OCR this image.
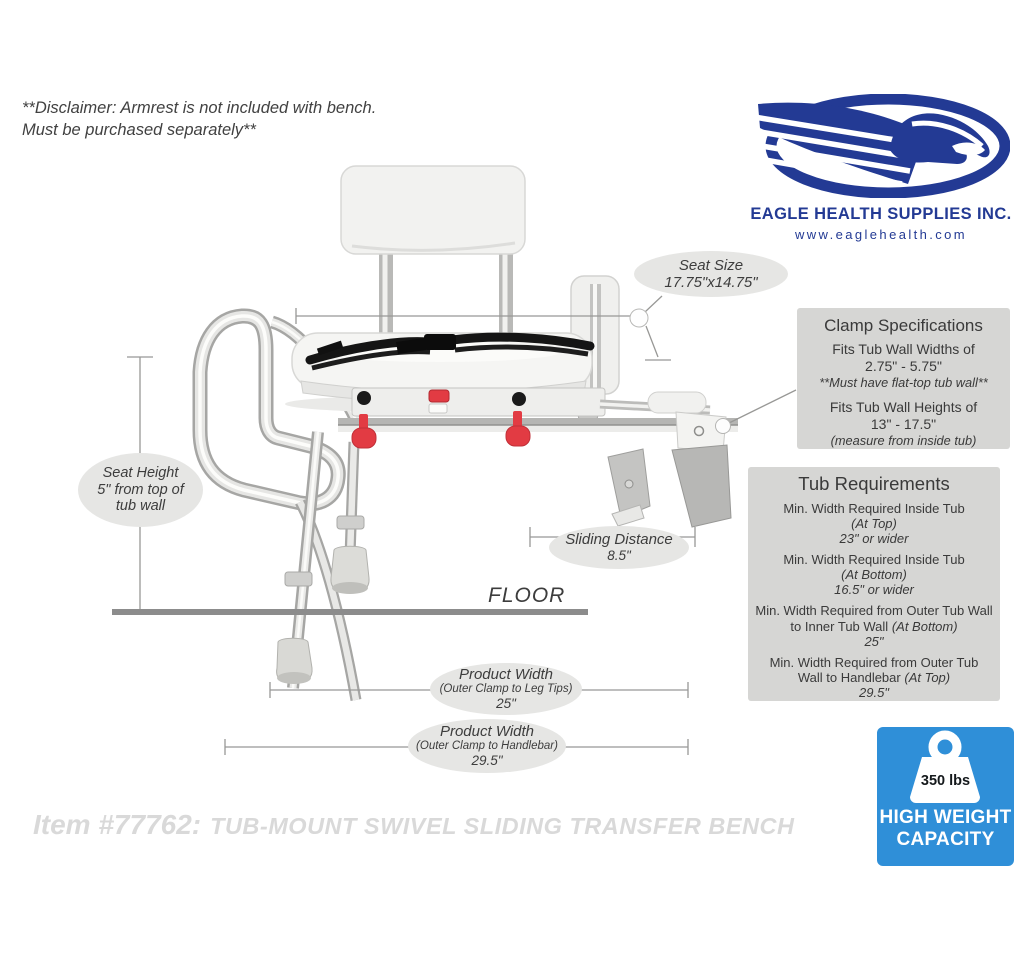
**Disclaimer: Armrest is not included with bench.
Must be purchased separately**
EAGLE HEALTH SUPPLIES INC.
www.eaglehealth.com
Seat Size
17.75"x14.75"
Seat Height
5" from top of
tub wall
Sliding Distance
8.5"
Product Width
(Outer Clamp to Leg Tips)
25"
Product Width
(Outer Clamp to Handlebar)
29.5"
FLOOR
Clamp Specifications
Fits Tub Wall Widths of
2.75" - 5.75"
**Must have flat-top tub wall**
Fits Tub Wall Heights of
13" - 17.5"
(measure from inside tub)
Tub Requirements
Min. Width Required Inside Tub
(At Top)
23" or wider
Min. Width Required Inside Tub
(At Bottom)
16.5" or wider
Min. Width Required from Outer Tub Wall
to Inner Tub Wall (At Bottom)
25"
Min. Width Required from Outer Tub
Wall to Handlebar (At Top)
29.5"
350 lbs
HIGH WEIGHT
CAPACITY
Item #77762: TUB-MOUNT SWIVEL SLIDING TRANSFER BENCH
